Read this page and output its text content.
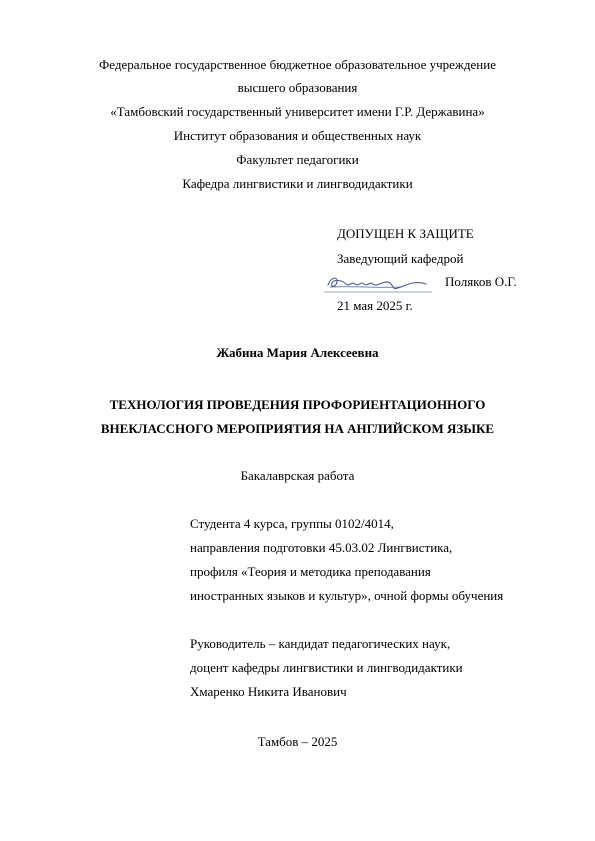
Федеральное государственное бюджетное образовательное учреждение
высшего образования
«Тамбовский государственный университет имени Г.Р. Державина»
Институт образования и общественных наук
Факультет педагогики
Кафедра лингвистики и лингводидактики
ДОПУЩЕН К ЗАЩИТЕ
Заведующий кафедрой
Поляков О.Г.
21 мая 2025 г.
Жабина Мария Алексеевна
ТЕХНОЛОГИЯ ПРОВЕДЕНИЯ ПРОФОРИЕНТАЦИОННОГО
ВНЕКЛАССНОГО МЕРОПРИЯТИЯ НА АНГЛИЙСКОМ ЯЗЫКЕ
Бакалаврская работа
Студента 4 курса, группы 0102/4014,
направления подготовки 45.03.02 Лингвистика,
профиля «Теория и методика преподавания
иностранных языков и культур», очной формы обучения
Руководитель – кандидат педагогических наук,
доцент кафедры лингвистики и лингводидактики
Хмаренко Никита Иванович
Тамбов – 2025
